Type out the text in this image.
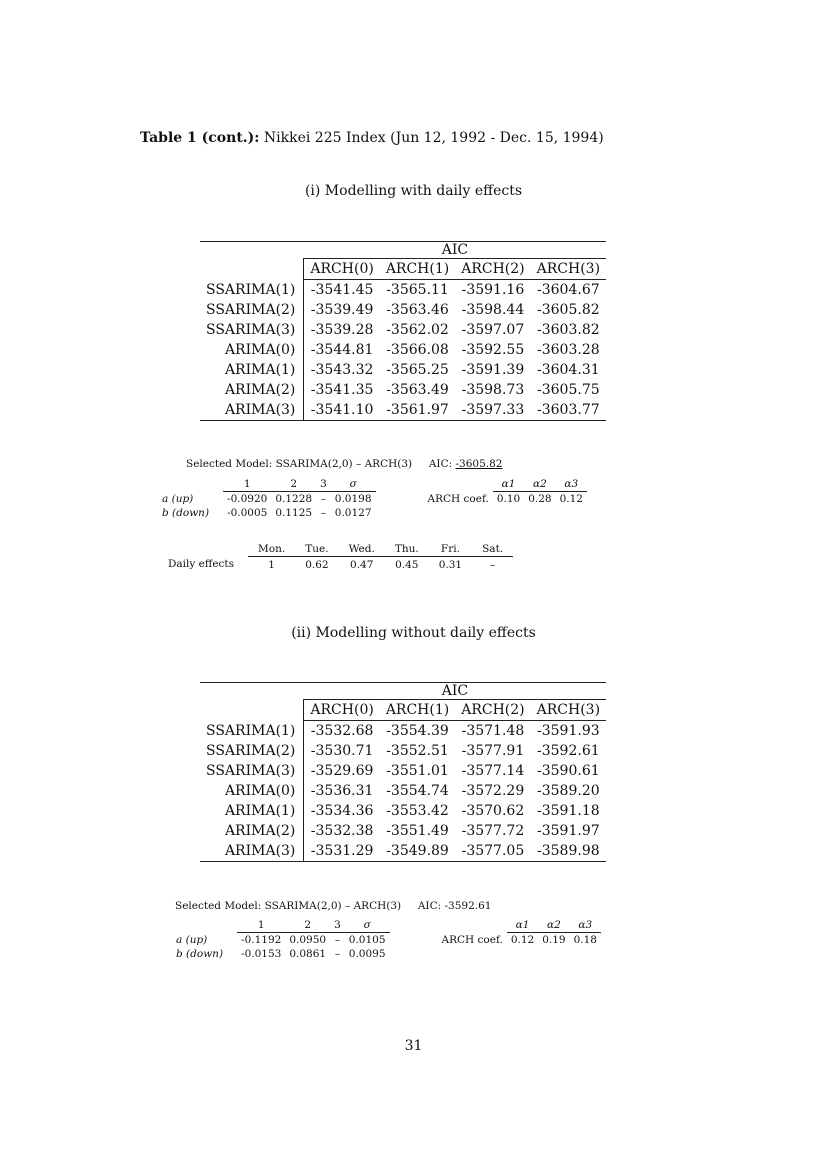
Table 1 (cont.): Nikkei 225 Index (Jun 12, 1992 - Dec. 15, 1994)
(i) Modelling with daily effects
	AIC			
	ARCH(0)	ARCH(1)	ARCH(2)	ARCH(3)
SSARIMA(1)	-3541.45	-3565.11	-3591.16	-3604.67
SSARIMA(2)	-3539.49	-3563.46	-3598.44	-3605.82
SSARIMA(3)	-3539.28	-3562.02	-3597.07	-3603.82
ARIMA(0)	-3544.81	-3566.08	-3592.55	-3603.28
ARIMA(1)	-3543.32	-3565.25	-3591.39	-3604.31
ARIMA(2)	-3541.35	-3563.49	-3598.73	-3605.75
ARIMA(3)	-3541.10	-3561.97	-3597.33	-3603.77
Selected Model: SSARIMA(2,0) – ARCH(3) AIC: -3605.82
	1	2	3	σ			α1	α2	α3
a (up)	-0.0920	0.1228	–	0.0198		ARCH coef.	0.10	0.28	0.12
b (down)	-0.0005	0.1125	–	0.0127					
	Mon.	Tue.	Wed.	Thu.	Fri.	Sat.
Daily effects	1	0.62	0.47	0.45	0.31	–
(ii) Modelling without daily effects
	AIC			
	ARCH(0)	ARCH(1)	ARCH(2)	ARCH(3)
SSARIMA(1)	-3532.68	-3554.39	-3571.48	-3591.93
SSARIMA(2)	-3530.71	-3552.51	-3577.91	-3592.61
SSARIMA(3)	-3529.69	-3551.01	-3577.14	-3590.61
ARIMA(0)	-3536.31	-3554.74	-3572.29	-3589.20
ARIMA(1)	-3534.36	-3553.42	-3570.62	-3591.18
ARIMA(2)	-3532.38	-3551.49	-3577.72	-3591.97
ARIMA(3)	-3531.29	-3549.89	-3577.05	-3589.98
Selected Model: SSARIMA(2,0) – ARCH(3) AIC: -3592.61
	1	2	3	σ			α1	α2	α3
a (up)	-0.1192	0.0950	–	0.0105		ARCH coef.	0.12	0.19	0.18
b (down)	-0.0153	0.0861	–	0.0095					
31
